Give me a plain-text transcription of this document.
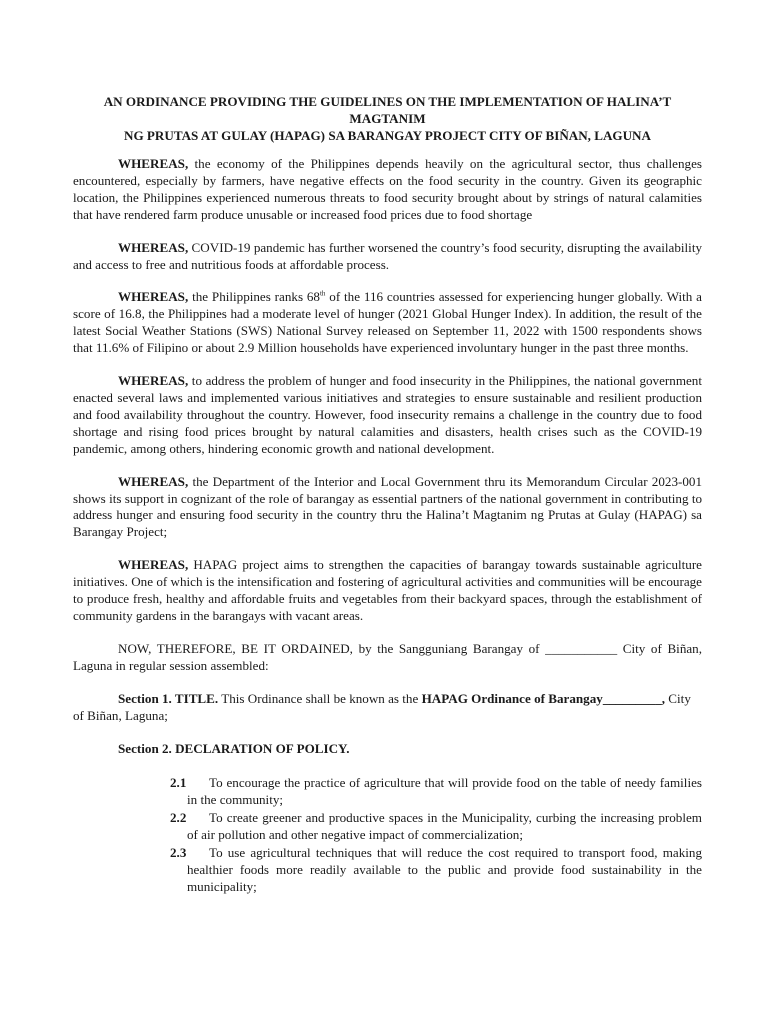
AN ORDINANCE PROVIDING THE GUIDELINES ON THE IMPLEMENTATION OF HALINA’T MAGTANIM
NG PRUTAS AT GULAY (HAPAG) SA BARANGAY PROJECT CITY OF BIÑAN, LAGUNA

WHEREAS, the economy of the Philippines depends heavily on the agricultural sector, thus challenges encountered, especially by farmers, have negative effects on the food security in the country. Given its geographic location, the Philippines experienced numerous threats to food security brought about by strings of natural calamities that have rendered farm produce unusable or increased food prices due to food shortage

WHEREAS, COVID-19 pandemic has further worsened the country’s food security, disrupting the availability and access to free and nutritious foods at affordable process.

WHEREAS, the Philippines ranks 68th of the 116 countries assessed for experiencing hunger globally. With a score of 16.8, the Philippines had a moderate level of hunger (2021 Global Hunger Index). In addition, the result of the latest Social Weather Stations (SWS) National Survey released on September 11, 2022 with 1500 respondents shows that 11.6% of Filipino or about 2.9 Million households have experienced involuntary hunger in the past three months.

WHEREAS, to address the problem of hunger and food insecurity in the Philippines, the national government enacted several laws and implemented various initiatives and strategies to ensure sustainable and resilient production and food availability throughout the country. However, food insecurity remains a challenge in the country due to food shortage and rising food prices brought by natural calamities and disasters, health crises such as the COVID-19 pandemic, among others, hindering economic growth and national development.

WHEREAS, the Department of the Interior and Local Government thru its Memorandum Circular 2023-001 shows its support in cognizant of the role of barangay as essential partners of the national government in contributing to address hunger and ensuring food security in the country thru the Halina’t Magtanim ng Prutas at Gulay (HAPAG) sa Barangay Project;

WHEREAS, HAPAG project aims to strengthen the capacities of barangay towards sustainable agriculture initiatives. One of which is the intensification and fostering of agricultural activities and communities will be encourage to produce fresh, healthy and affordable fruits and vegetables from their backyard spaces, through the establishment of community gardens in the barangays with vacant areas.

NOW, THEREFORE, BE IT ORDAINED, by the Sangguniang Barangay of ___________ City of Biñan, Laguna in regular session assembled:

Section 1. TITLE. This Ordinance shall be known as the HAPAG Ordinance of Barangay_________, City of Biñan, Laguna;

Section 2. DECLARATION OF POLICY.

2.1	To encourage the practice of agriculture that will provide food on the table of needy families in the community;
2.2	To create greener and productive spaces in the Municipality, curbing the increasing problem of air pollution and other negative impact of commercialization;
2.3	To use agricultural techniques that will reduce the cost required to transport food, making healthier foods more readily available to the public and provide food sustainability in the municipality;
